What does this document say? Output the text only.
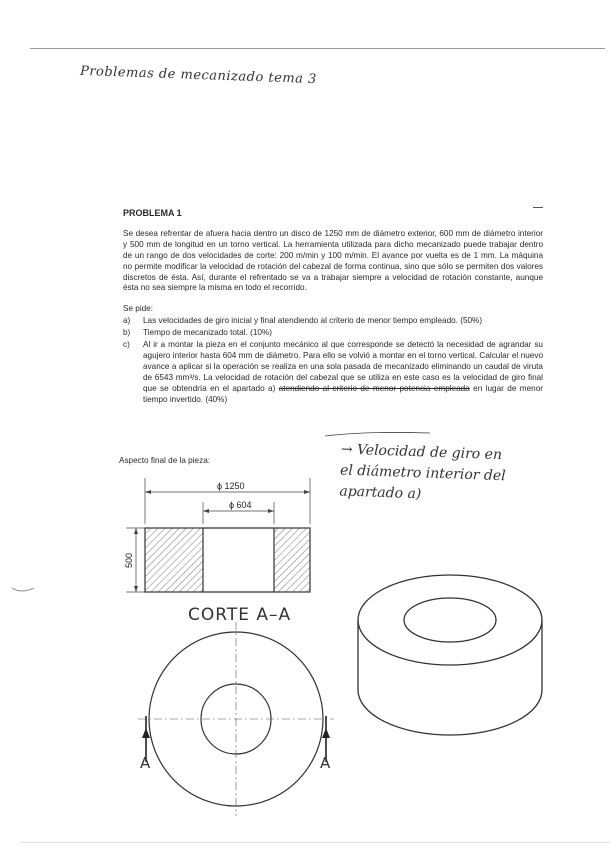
Problemas de mecanizado tema 3
PROBLEMA 1
Se desea refrentar de afuera hacia dentro un disco de 1250 mm de diámetro exterior, 600 mm de diámetro interior y 500 mm de longitud en un torno vertical. La herramienta utilizada para dicho mecanizado puede trabajar dentro de un rango de dos velocidades de corte: 200 m/min y 100 m/min. El avance por vuelta es de 1 mm. La máquina no permite modificar la velocidad de rotación del cabezal de forma continua, sino que sólo se permiten dos valores discretos de ésta. Así, durante el refrentado se va a trabajar siempre a velocidad de rotación constante, aunque ésta no sea siempre la misma en todo el recorrido.
Se pide:
a) Las velocidades de giro inicial y final atendiendo al criterio de menor tiempo empleado. (50%)
b) Tiempo de mecanizado total. (10%)
c) Al ir a montar la pieza en el conjunto mecánico al que corresponde se detectó la necesidad de agrandar su agujero interior hasta 604 mm de diámetro. Para ello se volvió a montar en el torno vertical. Calcular el nuevo avance a aplicar si la operación se realiza en una sola pasada de mecanizado eliminando un caudal de viruta de 6543 mm³/s. La velocidad de rotación del cabezal que se utiliza en este caso es la velocidad de giro final que se obtendría en el apartado a) atendiendo al criterio de menor potencia empleada en lugar de menor tiempo invertido. (40%)
→ Velocidad de giro en
el diámetro interior del
apartado a)
Aspecto final de la pieza:
ϕ 1250
ϕ 604
500
CORTE A–A
A	A
